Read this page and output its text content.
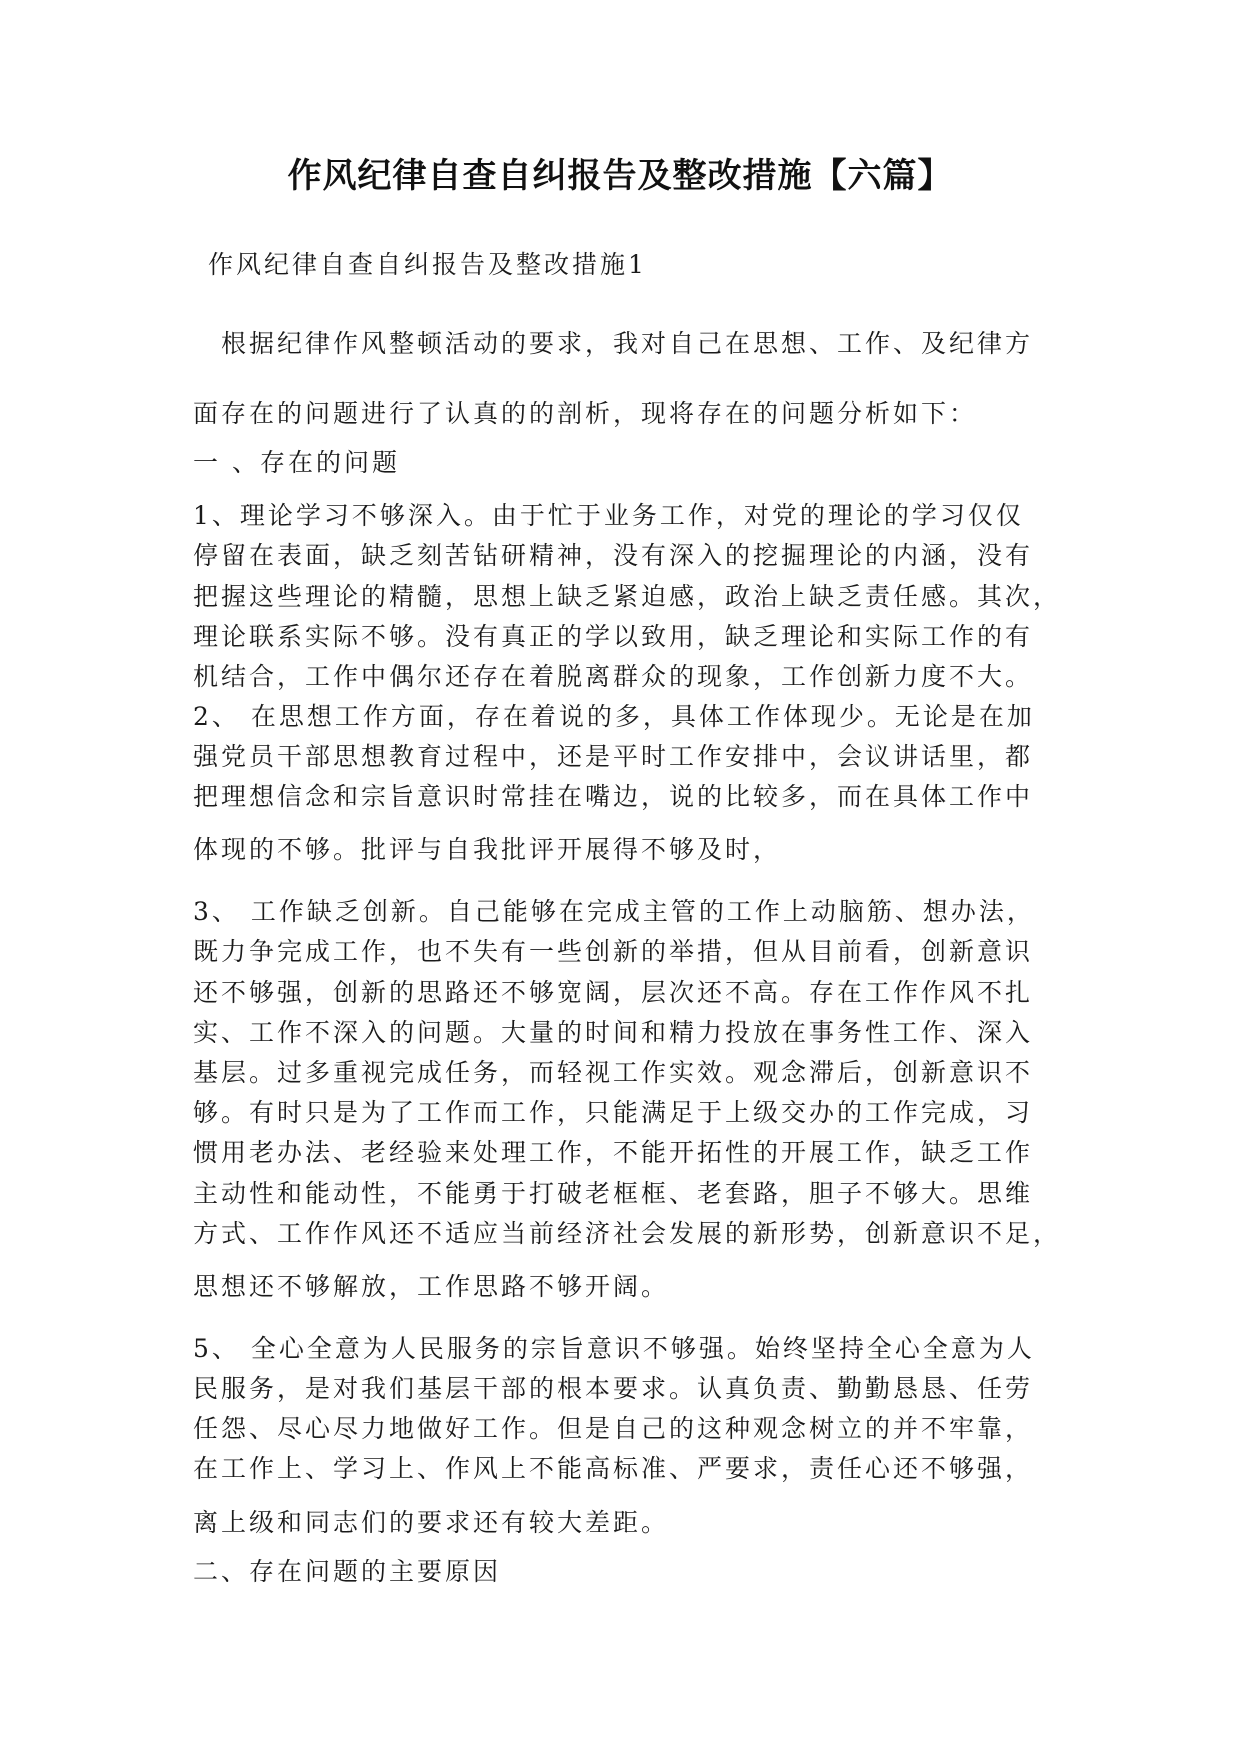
作风纪律自查自纠报告及整改措施【六篇】
作风纪律自查自纠报告及整改措施1
根据纪律作风整顿活动的要求，我对自己在思想、工作、及纪律方
面存在的问题进行了认真的的剖析，现将存在的问题分析如下：
一 、存在的问题
1、理论学习不够深入。由于忙于业务工作，对党的理论的学习仅仅
停留在表面，缺乏刻苦钻研精神，没有深入的挖掘理论的内涵，没有
把握这些理论的精髓，思想上缺乏紧迫感，政治上缺乏责任感。其次，
理论联系实际不够。没有真正的学以致用，缺乏理论和实际工作的有
机结合，工作中偶尔还存在着脱离群众的现象，工作创新力度不大。
2、 在思想工作方面，存在着说的多，具体工作体现少。无论是在加
强党员干部思想教育过程中，还是平时工作安排中，会议讲话里，都
把理想信念和宗旨意识时常挂在嘴边，说的比较多，而在具体工作中
体现的不够。批评与自我批评开展得不够及时，
3、 工作缺乏创新。自己能够在完成主管的工作上动脑筋、想办法，
既力争完成工作，也不失有一些创新的举措，但从目前看，创新意识
还不够强，创新的思路还不够宽阔，层次还不高。存在工作作风不扎
实、工作不深入的问题。大量的时间和精力投放在事务性工作、深入
基层。过多重视完成任务，而轻视工作实效。观念滞后，创新意识不
够。有时只是为了工作而工作，只能满足于上级交办的工作完成，习
惯用老办法、老经验来处理工作，不能开拓性的开展工作，缺乏工作
主动性和能动性，不能勇于打破老框框、老套路，胆子不够大。思维
方式、工作作风还不适应当前经济社会发展的新形势，创新意识不足，
思想还不够解放，工作思路不够开阔。
5、 全心全意为人民服务的宗旨意识不够强。始终坚持全心全意为人
民服务，是对我们基层干部的根本要求。认真负责、勤勤恳恳、任劳
任怨、尽心尽力地做好工作。但是自己的这种观念树立的并不牢靠，
在工作上、学习上、作风上不能高标准、严要求，责任心还不够强，
离上级和同志们的要求还有较大差距。
二、存在问题的主要原因
